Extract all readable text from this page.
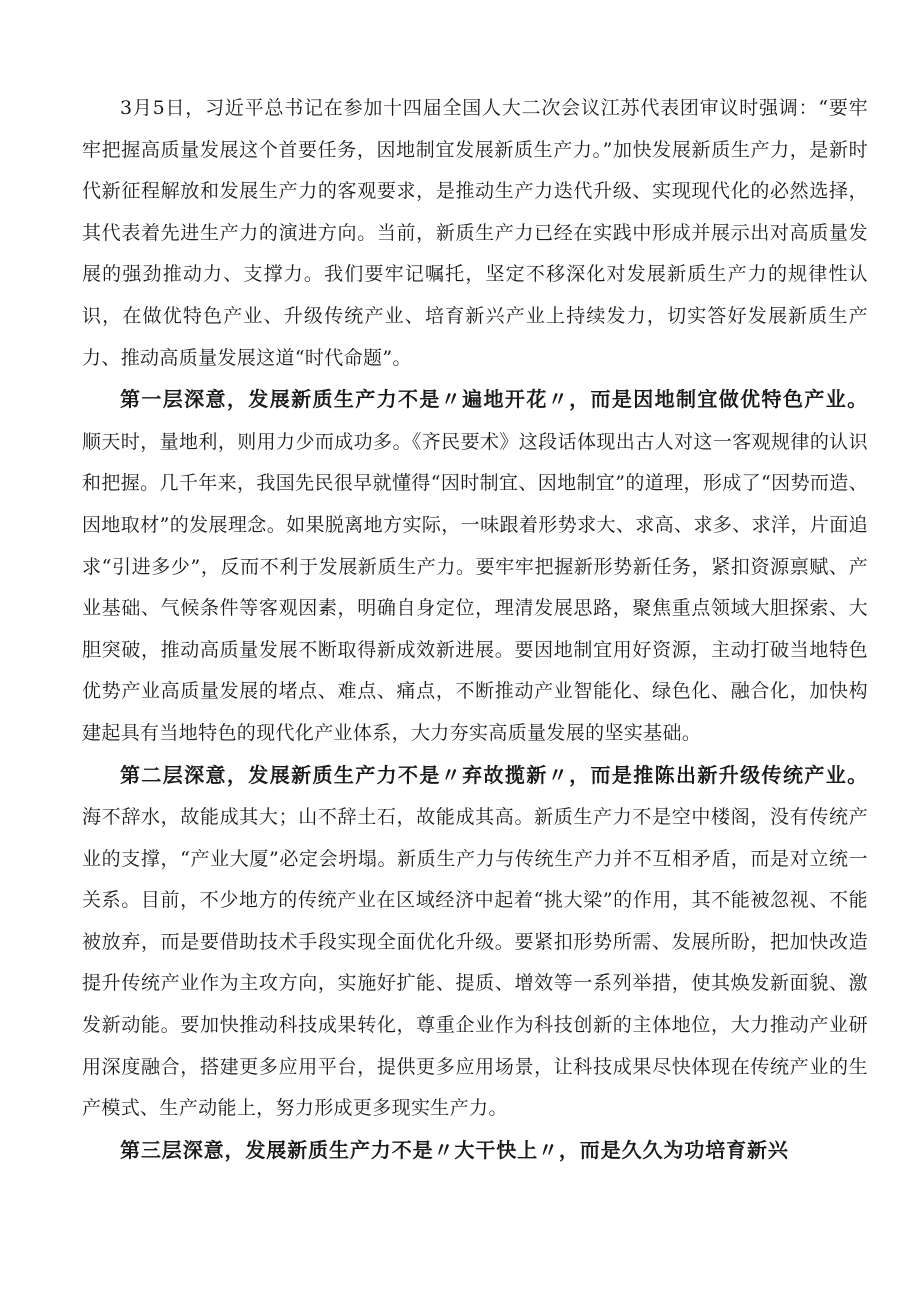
3月5日，习近平总书记在参加十四届全国人大二次会议江苏代表团审议时强调：“要牢牢把握高质量发展这个首要任务，因地制宜发展新质生产力。”加快发展新质生产力，是新时代新征程解放和发展生产力的客观要求，是推动生产力迭代升级、实现现代化的必然选择，其代表着先进生产力的演进方向。当前，新质生产力已经在实践中形成并展示出对高质量发展的强劲推动力、支撑力。我们要牢记嘱托，坚定不移深化对发展新质生产力的规律性认识，在做优特色产业、升级传统产业、培育新兴产业上持续发力，切实答好发展新质生产力、推动高质量发展这道“时代命题”。

第一层深意，发展新质生产力不是〃遍地开花〃，而是因地制宜做优特色产业。顺天时，量地利，则用力少而成功多。《齐民要术》这段话体现出古人对这一客观规律的认识和把握。几千年来，我国先民很早就懂得“因时制宜、因地制宜”的道理，形成了“因势而造、因地取材”的发展理念。如果脱离地方实际，一味跟着形势求大、求高、求多、求洋，片面追求“引进多少”，反而不利于发展新质生产力。要牢牢把握新形势新任务，紧扣资源禀赋、产业基础、气候条件等客观因素，明确自身定位，理清发展思路，聚焦重点领域大胆探索、大胆突破，推动高质量发展不断取得新成效新进展。要因地制宜用好资源，主动打破当地特色优势产业高质量发展的堵点、难点、痛点，不断推动产业智能化、绿色化、融合化，加快构建起具有当地特色的现代化产业体系，大力夯实高质量发展的坚实基础。

第二层深意，发展新质生产力不是〃弃故揽新〃，而是推陈出新升级传统产业。海不辞水，故能成其大；山不辞土石，故能成其高。新质生产力不是空中楼阁，没有传统产业的支撑，“产业大厦”必定会坍塌。新质生产力与传统生产力并不互相矛盾，而是对立统一关系。目前，不少地方的传统产业在区域经济中起着“挑大梁”的作用，其不能被忽视、不能被放弃，而是要借助技术手段实现全面优化升级。要紧扣形势所需、发展所盼，把加快改造提升传统产业作为主攻方向，实施好扩能、提质、增效等一系列举措，使其焕发新面貌、激发新动能。要加快推动科技成果转化，尊重企业作为科技创新的主体地位，大力推动产业研用深度融合，搭建更多应用平台，提供更多应用场景，让科技成果尽快体现在传统产业的生产模式、生产动能上，努力形成更多现实生产力。

第三层深意，发展新质生产力不是〃大干快上〃，而是久久为功培育新兴
